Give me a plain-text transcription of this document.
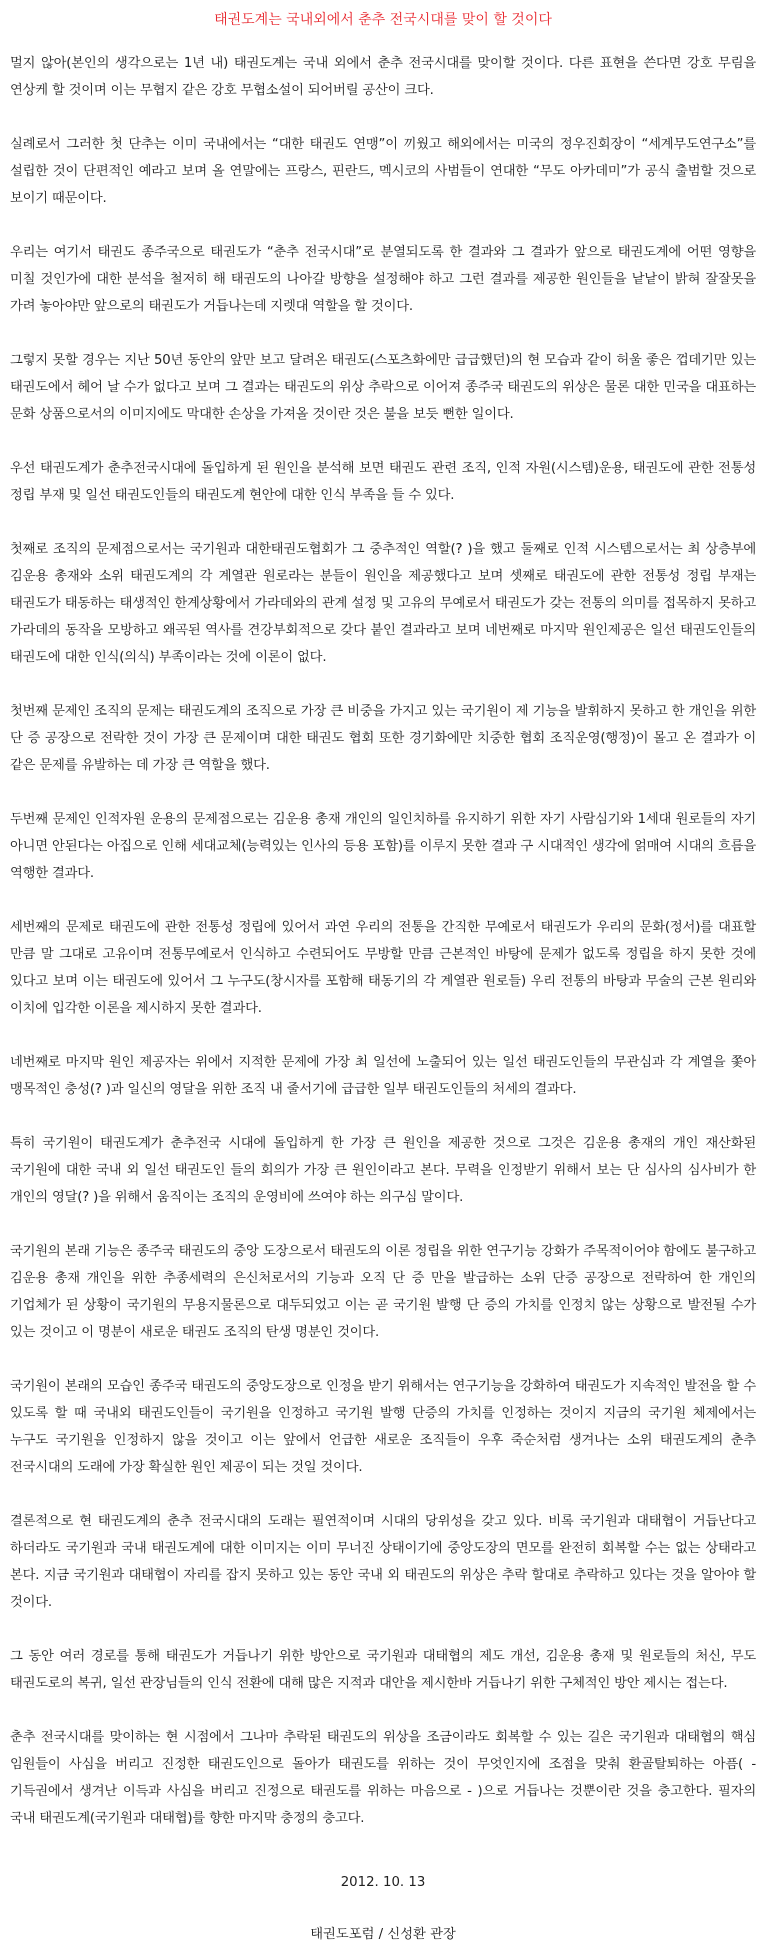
태권도계는 국내외에서 춘추 전국시대를 맞이 할 것이다

멀지 않아(본인의 생각으로는 1년 내) 태권도계는 국내 외에서 춘추 전국시대를 맞이할 것이다. 다른 표현을 쓴다면 강호 무림을 연상케 할 것이며 이는 무협지 같은 강호 무협소설이 되어버릴 공산이 크다.

실례로서 그러한 첫 단추는 이미 국내에서는 “대한 태권도 연맹”이 끼웠고 해외에서는 미국의 정우진회장이 “세계무도연구소”를 설립한 것이 단편적인 예라고 보며 올 연말에는 프랑스, 핀란드, 멕시코의 사범들이 연대한 “무도 아카데미”가 공식 출범할 것으로 보이기 때문이다.

우리는 여기서 태권도 종주국으로 태권도가 “춘추 전국시대”로 분열되도록 한 결과와 그 결과가 앞으로 태권도계에 어떤 영향을 미칠 것인가에 대한 분석을 철저히 해 태권도의 나아갈 방향을 설정해야 하고 그런 결과를 제공한 원인들을 낱낱이 밝혀 잘잘못을 가려 놓아야만 앞으로의 태권도가 거듭나는데 지렛대 역할을 할 것이다.

그렇지 못할 경우는 지난 50년 동안의 앞만 보고 달려온 태권도(스포츠화에만 급급했던)의 현 모습과 같이 허울 좋은 껍데기만 있는 태권도에서 헤어 날 수가 없다고 보며 그 결과는 태권도의 위상 추락으로 이어져 종주국 태권도의 위상은 물론 대한 민국을 대표하는 문화 상품으로서의 이미지에도 막대한 손상을 가져올 것이란 것은 불을 보듯 뻔한 일이다.

우선 태권도계가 춘추전국시대에 돌입하게 된 원인을 분석해 보면 태권도 관련 조직, 인적 자원(시스템)운용, 태권도에 관한 전통성 정립 부재 및 일선 태권도인들의 태권도계 현안에 대한 인식 부족을 들 수 있다.

첫째로 조직의 문제점으로서는 국기원과 대한태권도협회가 그 중추적인 역할(? )을 했고 둘째로 인적 시스템으로서는 최 상층부에 김운용 총재와 소위 태권도계의 각 계열관 원로라는 분들이 원인을 제공했다고 보며 셋째로 태권도에 관한 전통성 정립 부재는 태권도가 태동하는 태생적인 한계상황에서 가라데와의 관계 설정 및 고유의 무예로서 태권도가 갖는 전통의 의미를 접목하지 못하고 가라데의 동작을 모방하고 왜곡된 역사를 견강부회적으로 갖다 붙인 결과라고 보며 네번째로 마지막 원인제공은 일선 태권도인들의 태권도에 대한 인식(의식) 부족이라는 것에 이론이 없다.

첫번째 문제인 조직의 문제는 태권도계의 조직으로 가장 큰 비중을 가지고 있는 국기원이 제 기능을 발휘하지 못하고 한 개인을 위한 단 증 공장으로 전락한 것이 가장 큰 문제이며 대한 태권도 협회 또한 경기화에만 치중한 협회 조직운영(행정)이 몰고 온 결과가 이 같은 문제를 유발하는 데 가장 큰 역할을 했다.

두번째 문제인 인적자원 운용의 문제점으로는 김운용 총재 개인의 일인치하를 유지하기 위한 자기 사람심기와 1세대 원로들의 자기 아니면 안된다는 아집으로 인해 세대교체(능력있는 인사의 등용 포함)를 이루지 못한 결과 구 시대적인 생각에 얽매여 시대의 흐름을 역행한 결과다.

세번째의 문제로 태권도에 관한 전통성 정립에 있어서 과연 우리의 전통을 간직한 무예로서 태권도가 우리의 문화(정서)를 대표할 만큼 말 그대로 고유이며 전통무예로서 인식하고 수련되어도 무방할 만큼 근본적인 바탕에 문제가 없도록 정립을 하지 못한 것에 있다고 보며 이는 태권도에 있어서 그 누구도(창시자를 포함해 태동기의 각 계열관 원로들) 우리 전통의 바탕과 무술의 근본 원리와 이치에 입각한 이론을 제시하지 못한 결과다.

네번째로 마지막 원인 제공자는 위에서 지적한 문제에 가장 최 일선에 노출되어 있는 일선 태권도인들의 무관심과 각 계열을 쫓아 맹목적인 충성(? )과 일신의 영달을 위한 조직 내 줄서기에 급급한 일부 태권도인들의 처세의 결과다.

특히 국기원이 태권도계가 춘추전국 시대에 돌입하게 한 가장 큰 원인을 제공한 것으로 그것은 김운용 총재의 개인 재산화된 국기원에 대한 국내 외 일선 태권도인 들의 회의가 가장 큰 원인이라고 본다. 무력을 인정받기 위해서 보는 단 심사의 심사비가 한 개인의 영달(? )을 위해서 움직이는 조직의 운영비에 쓰여야 하는 의구심 말이다.

국기원의 본래 기능은 종주국 태권도의 중앙 도장으로서 태권도의 이론 정립을 위한 연구기능 강화가 주목적이어야 함에도 불구하고 김운용 총재 개인을 위한 추종세력의 은신처로서의 기능과 오직 단 증 만을 발급하는 소위 단증 공장으로 전락하여 한 개인의 기업체가 된 상황이 국기원의 무용지물론으로 대두되었고 이는 곧 국기원 발행 단 증의 가치를 인정치 않는 상황으로 발전될 수가 있는 것이고 이 명분이 새로운 태권도 조직의 탄생 명분인 것이다.

국기원이 본래의 모습인 종주국 태권도의 중앙도장으로 인정을 받기 위해서는 연구기능을 강화하여 태권도가 지속적인 발전을 할 수 있도록 할 때 국내외 태권도인들이 국기원을 인정하고 국기원 발행 단증의 가치를 인정하는 것이지 지금의 국기원 체제에서는 누구도 국기원을 인정하지 않을 것이고 이는 앞에서 언급한 새로운 조직들이 우후 죽순처럼 생겨나는 소위 태권도계의 춘추 전국시대의 도래에 가장 확실한 원인 제공이 되는 것일 것이다.

결론적으로 현 태권도계의 춘추 전국시대의 도래는 필연적이며 시대의 당위성을 갖고 있다. 비록 국기원과 대태협이 거듭난다고 하더라도 국기원과 국내 태권도계에 대한 이미지는 이미 무너진 상태이기에 중앙도장의 면모를 완전히 회복할 수는 없는 상태라고 본다. 지금 국기원과 대태협이 자리를 잡지 못하고 있는 동안 국내 외 태권도의 위상은 추락 할대로 추락하고 있다는 것을 알아야 할 것이다.

그 동안 여러 경로를 통해 태권도가 거듭나기 위한 방안으로 국기원과 대태협의 제도 개선, 김운용 총재 및 원로들의 처신, 무도 태권도로의 복귀, 일선 관장님들의 인식 전환에 대해 많은 지적과 대안을 제시한바 거듭나기 위한 구체적인 방안 제시는 접는다.

춘추 전국시대를 맞이하는 현 시점에서 그나마 추락된 태권도의 위상을 조금이라도 회복할 수 있는 길은 국기원과 대태협의 핵심 임원들이 사심을 버리고 진정한 태권도인으로 돌아가 태권도를 위하는 것이 무엇인지에 조점을 맞춰 환골탈퇴하는 아픔( - 기득권에서 생겨난 이득과 사심을 버리고 진정으로 태권도를 위하는 마음으로 - )으로 거듭나는 것뿐이란 것을 충고한다. 필자의 국내 태권도계(국기원과 대태협)를 향한 마지막 충정의 충고다.

2012. 10. 13
태권도포럼 / 신성환 관장
